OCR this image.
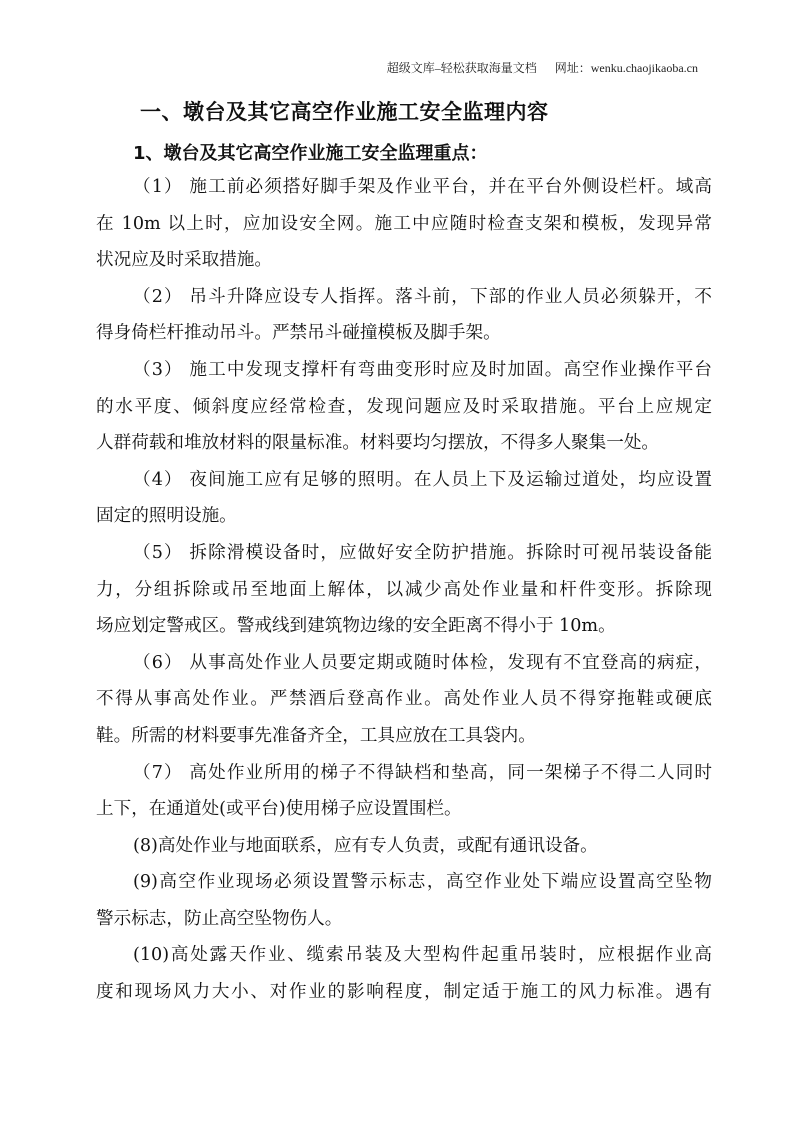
超级文库–轻松获取海量文档 网址：wenku.chaojikaoba.cn
一、墩台及其它高空作业施工安全监理内容
1、墩台及其它高空作业施工安全监理重点：
（1） 施工前必须搭好脚手架及作业平台，并在平台外侧设栏杆。域高
在 10m 以上时，应加设安全网。施工中应随时检查支架和模板，发现异常
状况应及时采取措施。
（2） 吊斗升降应设专人指挥。落斗前，下部的作业人员必须躲开，不
得身倚栏杆推动吊斗。严禁吊斗碰撞模板及脚手架。
（3） 施工中发现支撑杆有弯曲变形时应及时加固。高空作业操作平台
的水平度、倾斜度应经常检查，发现问题应及时采取措施。平台上应规定
人群荷载和堆放材料的限量标准。材料要均匀摆放，不得多人聚集一处。
（4） 夜间施工应有足够的照明。在人员上下及运输过道处，均应设置
固定的照明设施。
（5） 拆除滑模设备时，应做好安全防护措施。拆除时可视吊装设备能
力，分组拆除或吊至地面上解体，以减少高处作业量和杆件变形。拆除现
场应划定警戒区。警戒线到建筑物边缘的安全距离不得小于 10m。
（6） 从事高处作业人员要定期或随时体检，发现有不宜登高的病症，
不得从事高处作业。严禁酒后登高作业。高处作业人员不得穿拖鞋或硬底
鞋。所需的材料要事先准备齐全，工具应放在工具袋内。
（7） 高处作业所用的梯子不得缺档和垫高，同一架梯子不得二人同时
上下，在通道处(或平台)使用梯子应设置围栏。
(8)高处作业与地面联系，应有专人负责，或配有通讯设备。
(9)高空作业现场必须设置警示标志，高空作业处下端应设置高空坠物
警示标志，防止高空坠物伤人。
(10)高处露天作业、缆索吊装及大型构件起重吊装时，应根据作业高
度和现场风力大小、对作业的影响程度，制定适于施工的风力标准。遇有
